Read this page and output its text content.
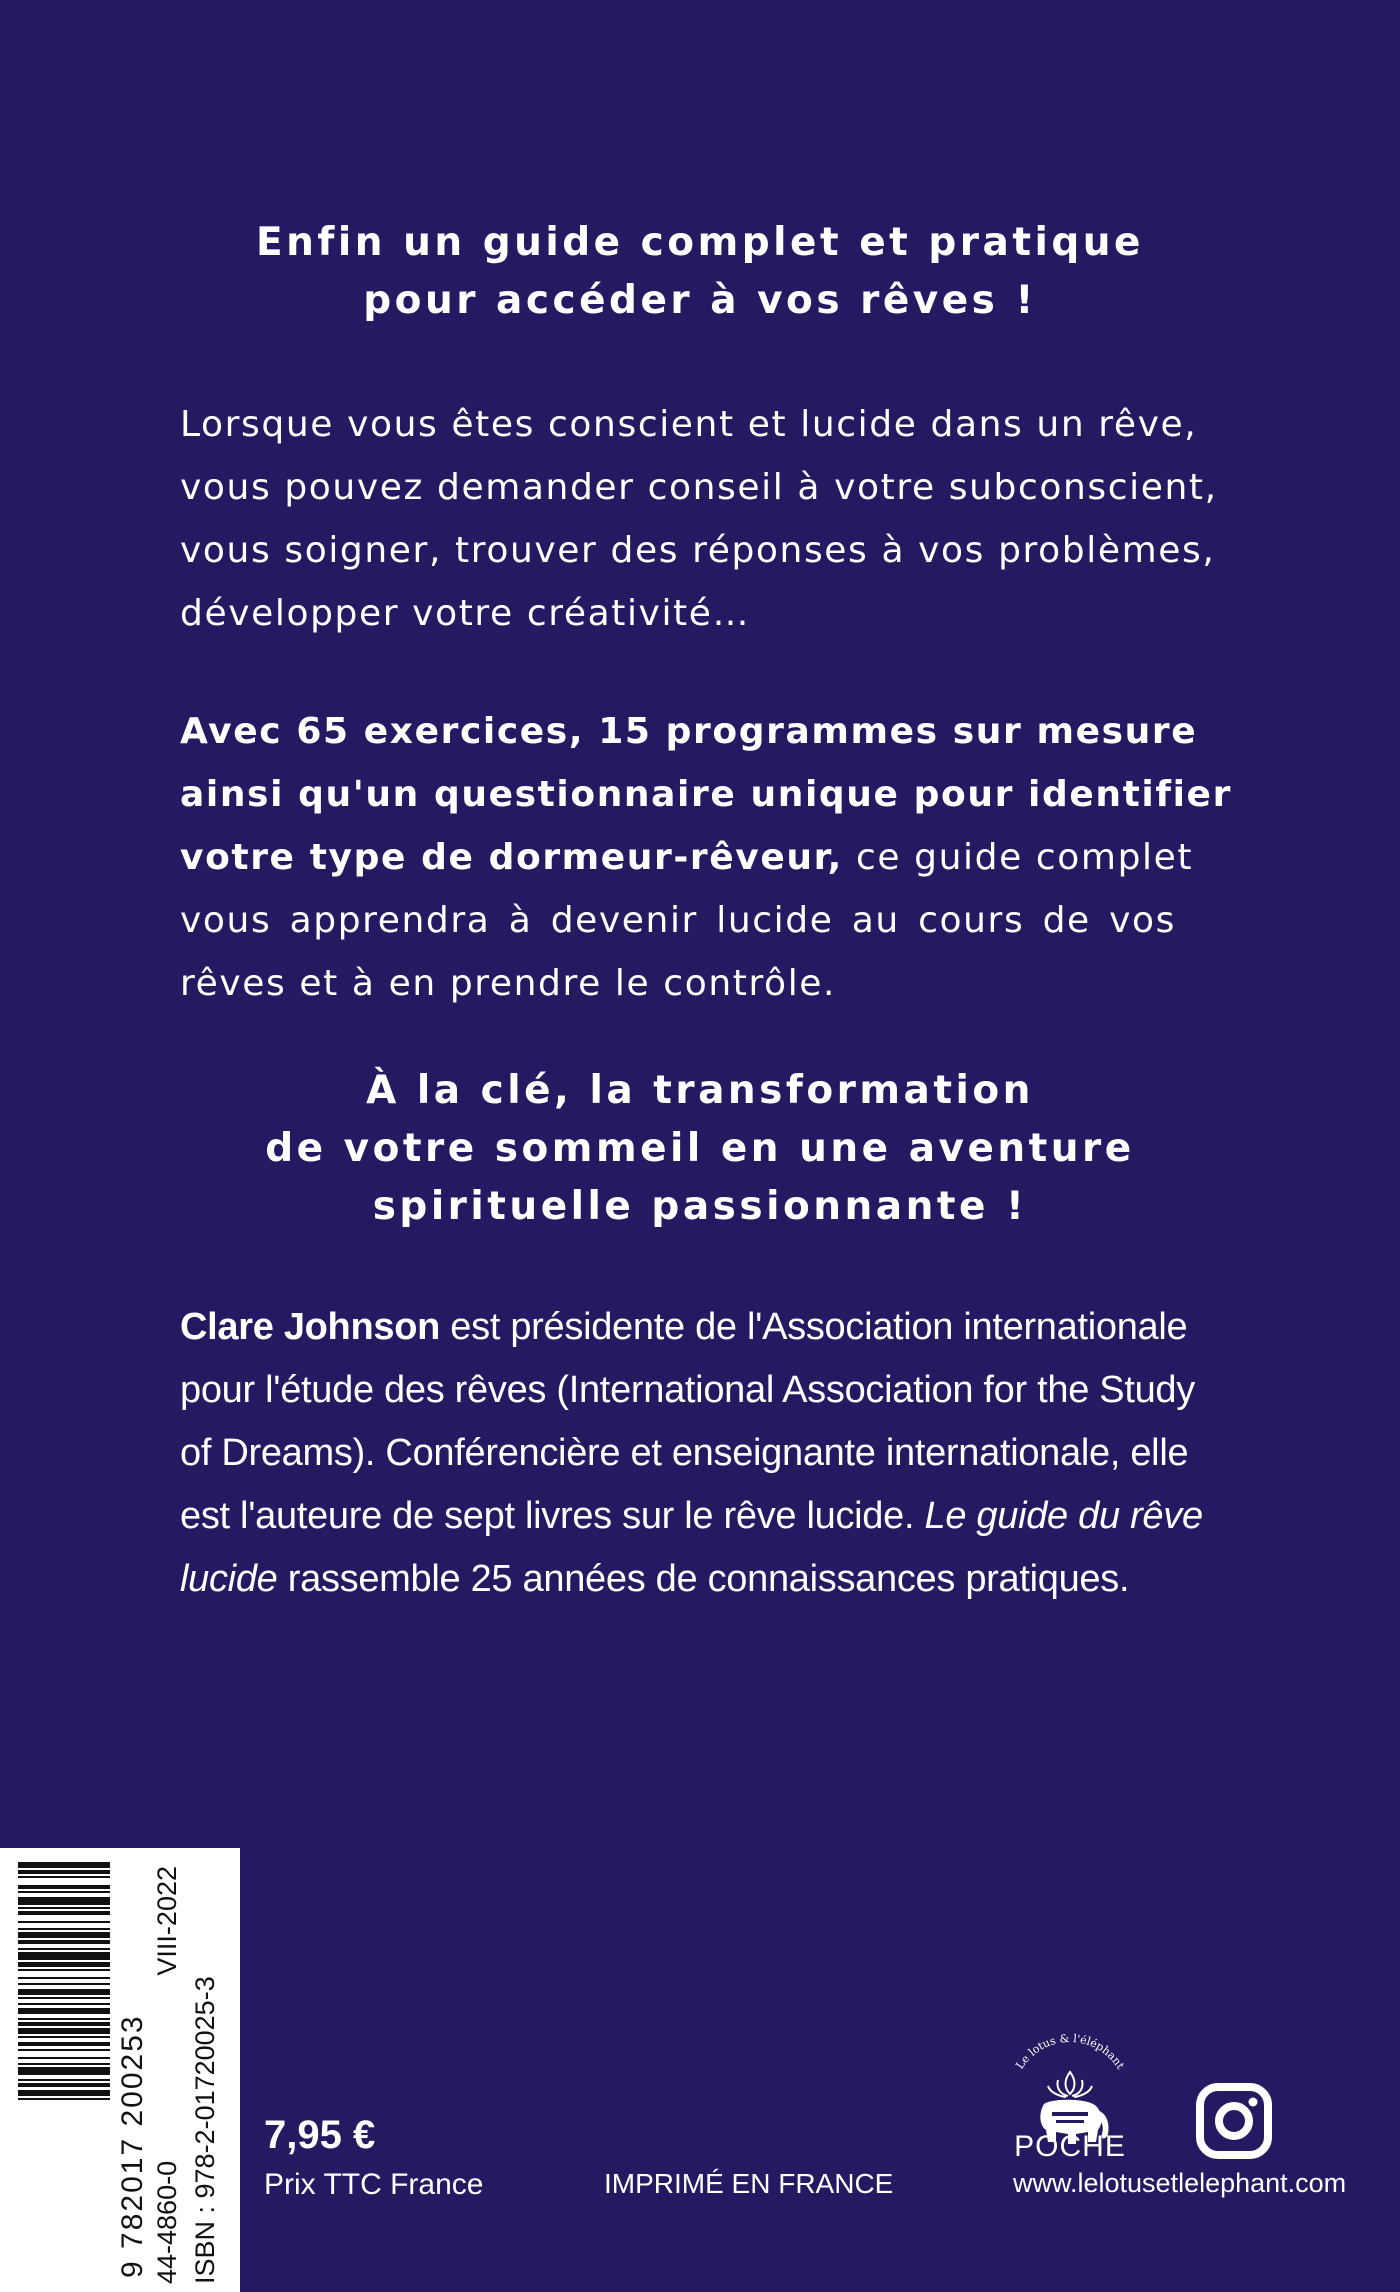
Enfin un guide complet et pratique
pour accéder à vos rêves !
Lorsque vous êtes conscient et lucide dans un rêve,
vous pouvez demander conseil à votre subconscient,
vous soigner, trouver des réponses à vos problèmes,
développer votre créativité…
Avec 65 exercices, 15 programmes sur mesure
ainsi qu'un questionnaire unique pour identifier
votre type de dormeur-rêveur, ce guide complet
vous apprendra à devenir lucide au cours de vos
rêves et à en prendre le contrôle.
À la clé, la transformation
de votre sommeil en une aventure
spirituelle passionnante !
Clare Johnson est présidente de l'Association internationale
pour l'étude des rêves (International Association for the Study
of Dreams). Conférencière et enseignante internationale, elle
est l'auteure de sept livres sur le rêve lucide. Le guide du rêve
lucide rassemble 25 années de connaissances pratiques.
9 782017 200253 44-4860-0
VIII-2022
ISBN : 978-2-01720025-3 7,95 €
Prix TTC France	IMPRIMÉ EN FRANCE
Le lotus & l'éléphant
POCHE
www.lelotusetlelephant.com
